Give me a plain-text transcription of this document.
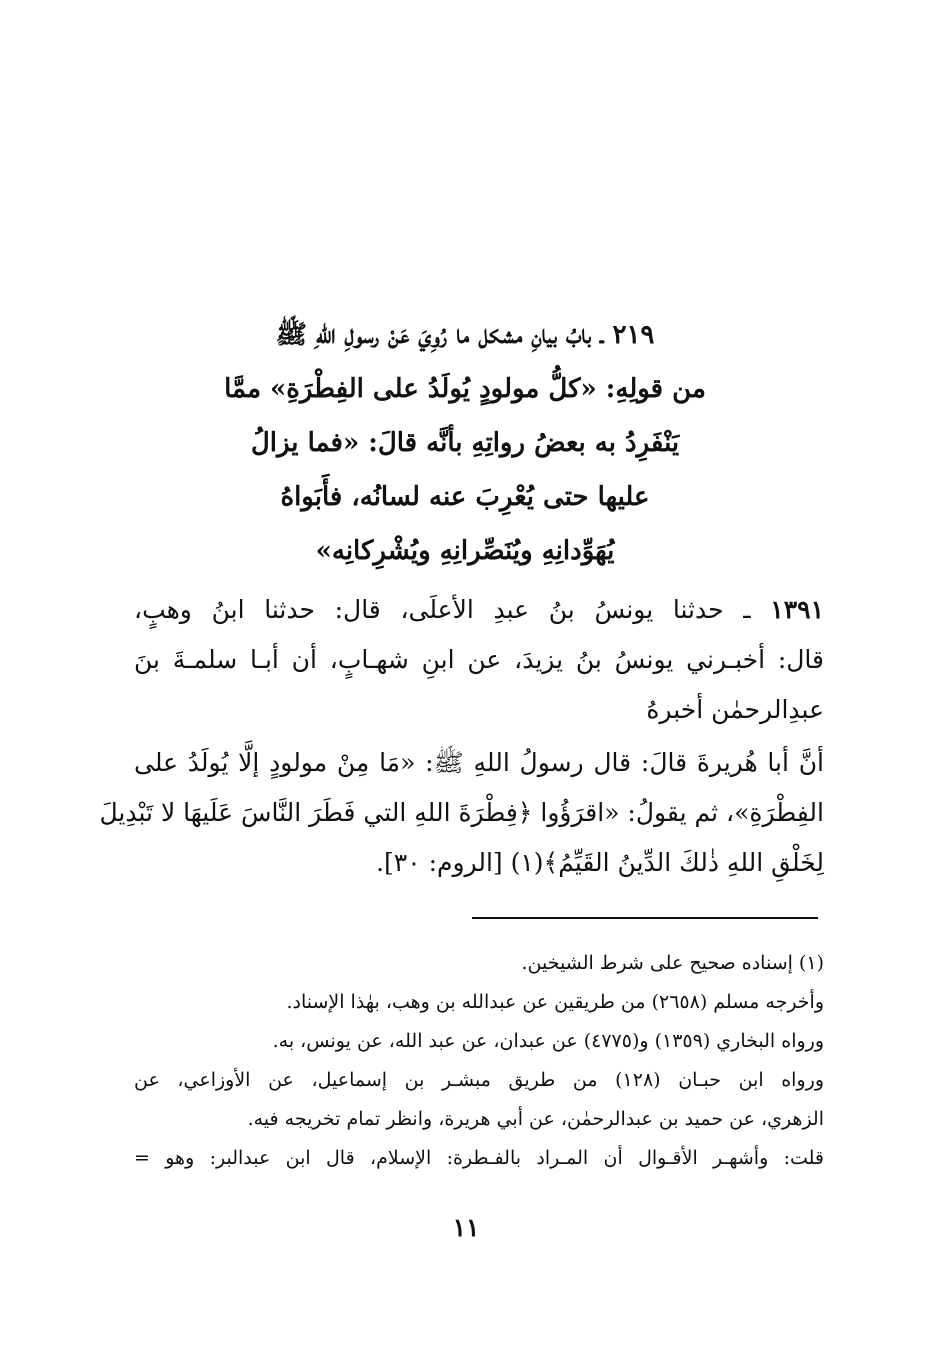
٢١٩ ـ بابُ بيانِ مشكل ما رُوِيَ عَنْ رسولِ اللهِ ﷺ
من قولِهِ: «كلُّ مولودٍ يُولَدُ على الفِطْرَةِ» ممَّا
يَنْفَرِدُ به بعضُ رواتِهِ بأنَّه قالَ: «فما يزالُ
عليها حتى يُعْرِبَ عنه لسانُه، فأَبَواهُ
يُهَوِّدانِهِ ويُنَصِّرانِهِ ويُشْرِكانِه»
١٣٩١ ـ حدثنا يونسُ بنُ عبدِ الأعلَى، قال: حدثنا ابنُ وهبٍ،
قال: أخبـرني يونسُ بنُ يزيدَ، عن ابنِ شهـابٍ، أن أبـا سلمـةَ بنَ
عبدِالرحمٰن أخبرهُ
أنَّ أبا هُريرةَ قالَ: قال رسولُ اللهِ ﷺ: «مَا مِنْ مولودٍ إلَّا يُولَدُ على
الفِطْرَةِ»، ثم يقولُ: «اقرَؤُوا ﴿فِطْرَةَ اللهِ التي فَطَرَ النَّاسَ عَلَيهَا لا تَبْدِيلَ
لِخَلْقِ اللهِ ذٰلكَ الدِّينُ القَيِّمُ﴾(١) [الروم: ٣٠].
(١) إسناده صحيح على شرط الشيخين.
وأخرجه مسلم (٢٦٥٨) من طريقين عن عبدالله بن وهب، بهٰذا الإسناد.
ورواه البخاري (١٣٥٩) و(٤٧٧٥) عن عبدان، عن عبد الله، عن يونس، به.
ورواه ابن حبـان (١٢٨) من طريق مبشـر بن إسماعيل، عن الأوزاعي، عن
الزهري، عن حميد بن عبدالرحمٰن، عن أبي هريرة، وانظر تمام تخريجه فيه.
قلت: وأشهـر الأقـوال أن المـراد بالفـطرة: الإسلام، قال ابن عبدالبر: وهو =
١١
